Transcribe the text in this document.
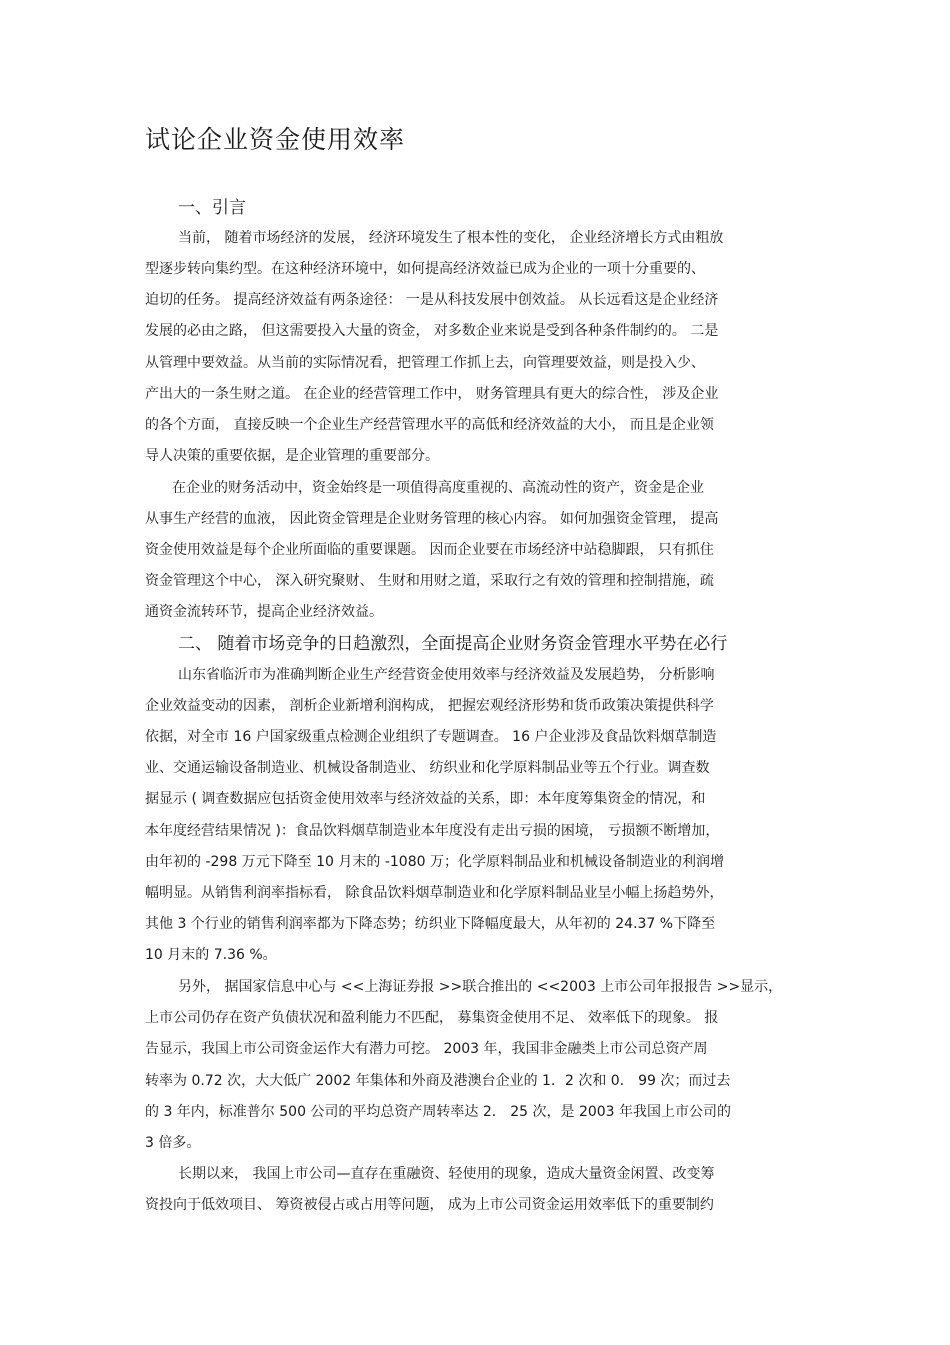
试论企业资金使用效率
一、引言

当前， 随着市场经济的发展， 经济环境发生了根本性的变化， 企业经济增长方式由粗放

型逐步转向集约型。在这种经济环境中，如何提高经济效益已成为企业的一项十分重要的、

迫切的任务。 提高经济效益有两条途径： 一是从科技发展中创效益。 从长远看这是企业经济

发展的必由之路， 但这需要投入大量的资金， 对多数企业来说是受到各种条件制约的。 二是

从管理中要效益。从当前的实际情况看，把管理工作抓上去，向管理要效益，则是投入少、

产出大的一条生财之道。 在企业的经营管理工作中， 财务管理具有更大的综合性， 涉及企业

的各个方面， 直接反映一个企业生产经营管理水平的高低和经济效益的大小， 而且是企业领

导人决策的重要依据，是企业管理的重要部分。

在企业的财务活动中，资金始终是一项值得高度重视的、高流动性的资产，资金是企业

从事生产经营的血液， 因此资金管理是企业财务管理的核心内容。 如何加强资金管理， 提高

资金使用效益是每个企业所面临的重要课题。 因而企业要在市场经济中站稳脚跟， 只有抓住

资金管理这个中心， 深入研究聚财、 生财和用财之道，采取行之有效的管理和控制措施，疏

通资金流转环节，提高企业经济效益。

二、 随着市场竞争的日趋激烈，全面提高企业财务资金管理水平势在必行

山东省临沂市为准确判断企业生产经营资金使用效率与经济效益及发展趋势， 分析影响

企业效益变动的因素， 剖析企业新增利润构成， 把握宏观经济形势和货币政策决策提供科学

依据，对全市 16 户国家级重点检测企业组织了专题调查。 16 户企业涉及食品饮料烟草制造

业、交通运输设备制造业、机械设备制造业、 纺织业和化学原料制品业等五个行业。调查数

据显示 ( 调查数据应包括资金使用效率与经济效益的关系，即：本年度筹集资金的情况，和

本年度经营结果情况 )：食品饮料烟草制造业本年度没有走出亏损的困境， 亏损额不断增加，

由年初的 -298 万元下降至 10 月末的 -1080 万；化学原料制品业和机械设备制造业的利润增

幅明显。从销售利润率指标看， 除食品饮料烟草制造业和化学原料制品业呈小幅上扬趋势外，

其他 3 个行业的销售利润率都为下降态势；纺织业下降幅度最大，从年初的 24.37 %下降至

10 月末的 7.36 %。

另外， 据国家信息中心与 <<上海证券报 >>联合推出的 <<2003 上市公司年报报告 >>显示，

上市公司仍存在资产负债状况和盈利能力不匹配， 募集资金使用不足、 效率低下的现象。 报

告显示，我国上市公司资金运作大有潜力可挖。 2003 年，我国非金融类上市公司总资产周

转率为 0.72 次，大大低广 2002 年集体和外商及港澳台企业的 1．2 次和 0． 99 次；而过去

的 3 年内，标准普尔 500 公司的平均总资产周转率达 2． 25 次，是 2003 年我国上市公司的

3 倍多。

长期以来， 我国上市公司—直存在重融资、轻使用的现象，造成大量资金闲置、改变筹

资投向于低效项目、 筹资被侵占或占用等问题， 成为上市公司资金运用效率低下的重要制约
